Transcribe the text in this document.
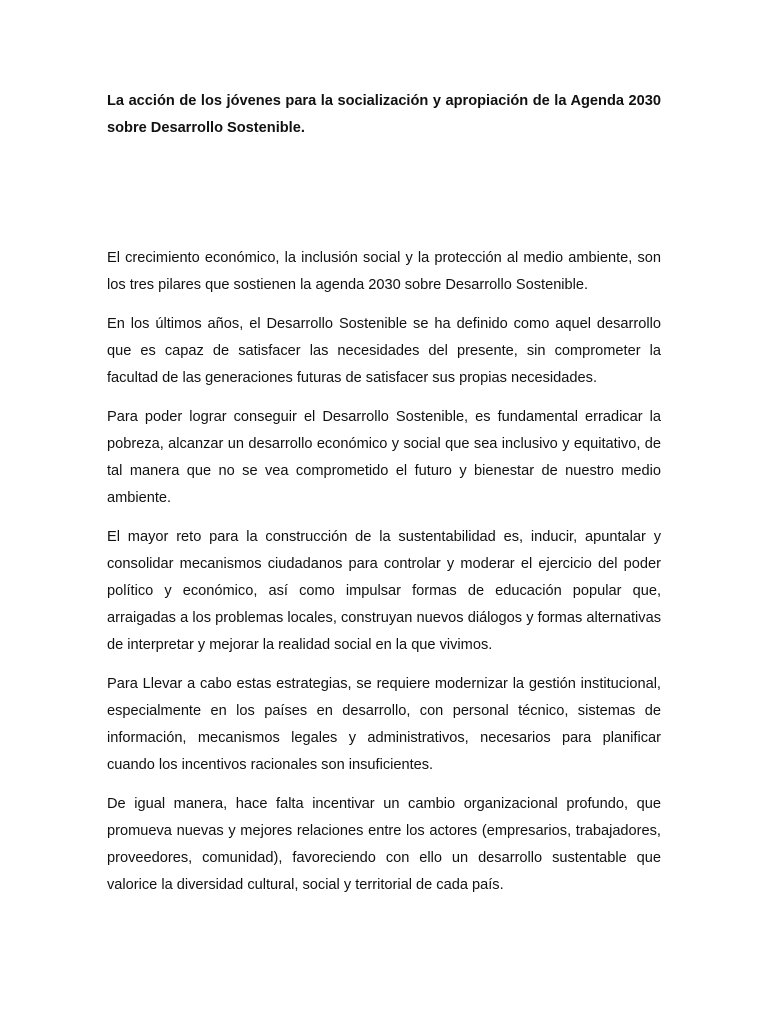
La acción de los jóvenes para la socialización y apropiación de la Agenda 2030 sobre Desarrollo Sostenible.

El crecimiento económico, la inclusión social y la protección al medio ambiente, son los tres pilares que sostienen la agenda 2030 sobre Desarrollo Sostenible.

En los últimos años, el Desarrollo Sostenible se ha definido como aquel desarrollo que es capaz de satisfacer las necesidades del presente, sin comprometer la facultad de las generaciones futuras de satisfacer sus propias necesidades.

Para poder lograr conseguir el Desarrollo Sostenible, es fundamental erradicar la pobreza, alcanzar un desarrollo económico y social que sea inclusivo y equitativo, de tal manera que no se vea comprometido el futuro y bienestar de nuestro medio ambiente.

El mayor reto para la construcción de la sustentabilidad es, inducir, apuntalar y consolidar mecanismos ciudadanos para controlar y moderar el ejercicio del poder político y económico, así como impulsar formas de educación popular que, arraigadas a los problemas locales, construyan nuevos diálogos y formas alternativas de interpretar y mejorar la realidad social en la que vivimos.

Para Llevar a cabo estas estrategias, se requiere modernizar la gestión institucional, especialmente en los países en desarrollo, con personal técnico, sistemas de información, mecanismos legales y administrativos, necesarios para planificar cuando los incentivos racionales son insuficientes.

De igual manera, hace falta incentivar un cambio organizacional profundo, que promueva nuevas y mejores relaciones entre los actores (empresarios, trabajadores, proveedores, comunidad), favoreciendo con ello un desarrollo sustentable que valorice la diversidad cultural, social y territorial de cada país.
